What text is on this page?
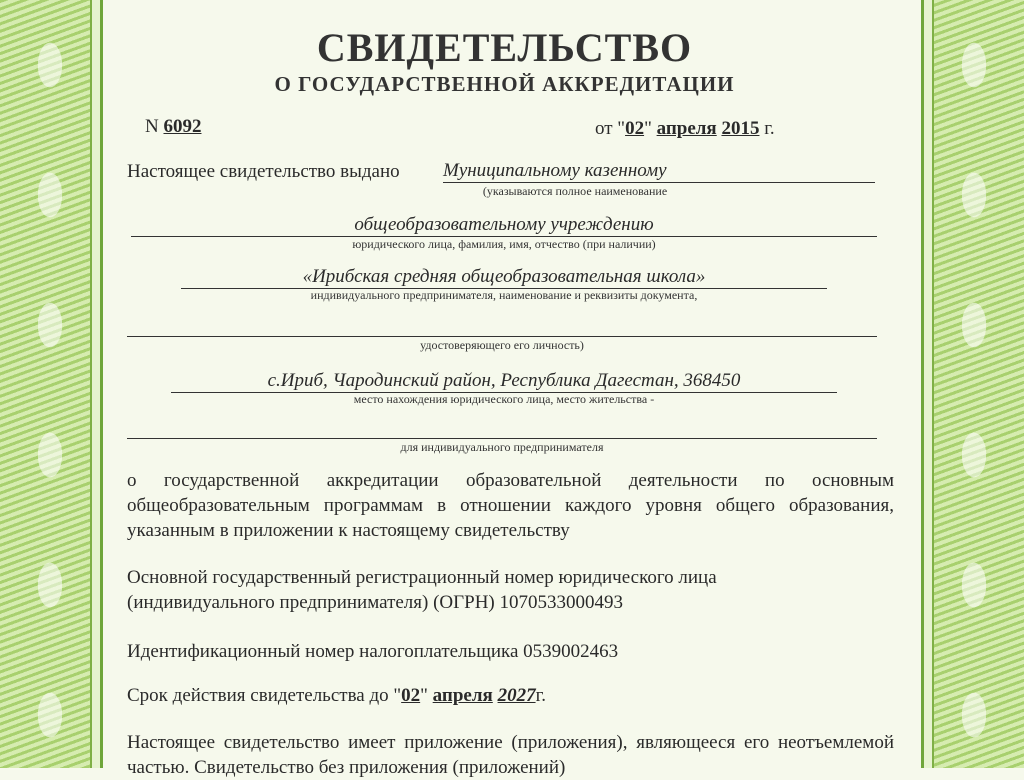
СВИДЕТЕЛЬСТВО
О ГОСУДАРСТВЕННОЙ АККРЕДИТАЦИИ
N 6092	от "02" апреля 2015 г.
Настоящее свидетельство выдано Муниципальному казенному
(указываются полное наименование
общеобразовательному учреждению
юридического лица, фамилия, имя, отчество (при наличии)
«Ирибская средняя общеобразовательная школа»
индивидуального предпринимателя, наименование и реквизиты документа,
удостоверяющего его личность)
с.Ириб, Чародинский район, Республика Дагестан, 368450
место нахождения юридического лица, место жительства -
для индивидуального предпринимателя
о государственной аккредитации образовательной деятельности по основным общеобразовательным программам в отношении каждого уровня общего образования, указанным в приложении к настоящему свидетельству
Основной государственный регистрационный номер юридического лица
(индивидуального предпринимателя) (ОГРН) 1070533000493
Идентификационный номер налогоплательщика 0539002463
Срок действия свидетельства до "02" апреля 2027г.
Настоящее свидетельство имеет приложение (приложения), являющееся его неотъемлемой частью. Свидетельство без приложения (приложений)
